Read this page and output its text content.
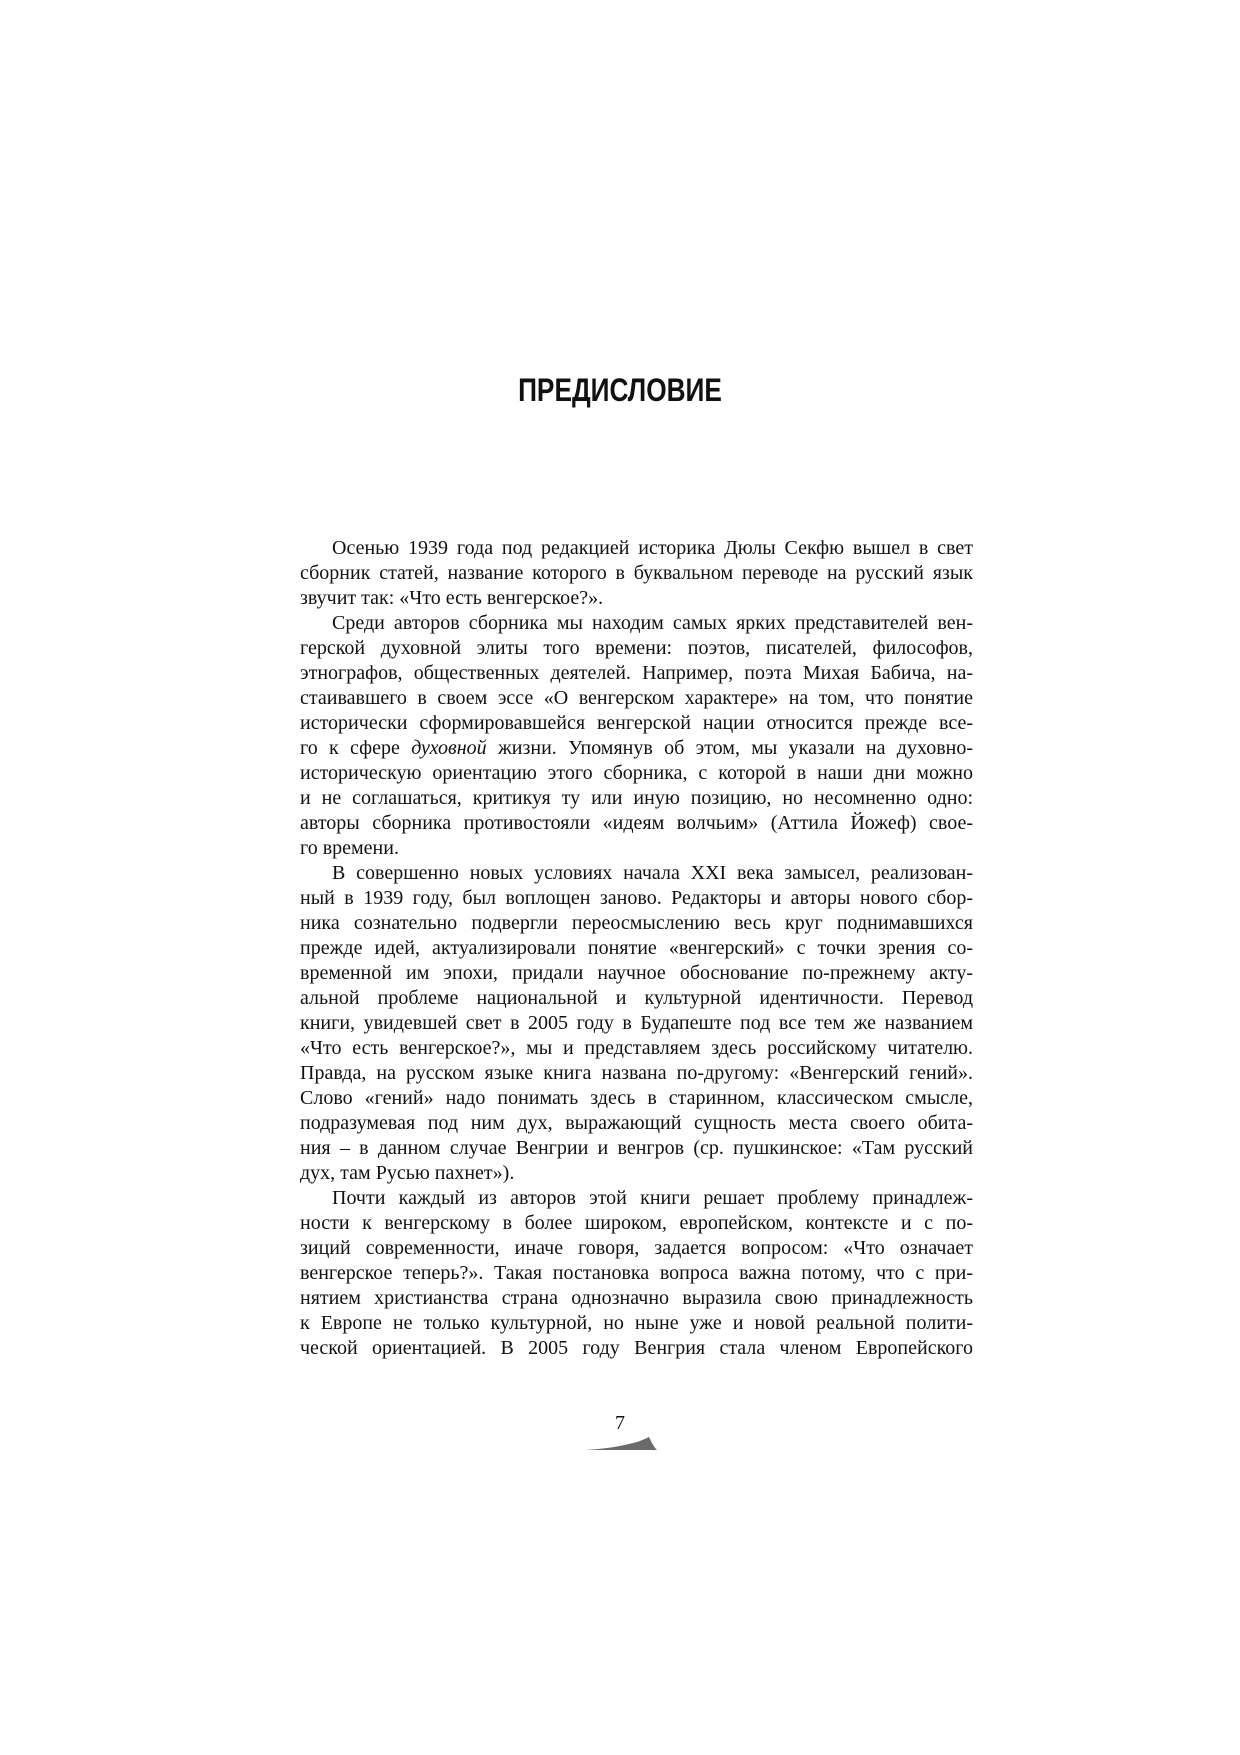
ПРЕДИСЛОВИЕ
Осенью 1939 года под редакцией историка Дюлы Секфю вышел в свет
сборник статей, название которого в буквальном переводе на русский язык
звучит так: «Что есть венгерское?».
Среди авторов сборника мы находим самых ярких представителей вен-
герской духовной элиты того времени: поэтов, писателей, философов,
этнографов, общественных деятелей. Например, поэта Михая Бабича, на-
стаивавшего в своем эссе «О венгерском характере» на том, что понятие
исторически сформировавшейся венгерской нации относится прежде все-
го к сфере духовной жизни. Упомянув об этом, мы указали на духовно-
историческую ориентацию этого сборника, с которой в наши дни можно
и не соглашаться, критикуя ту или иную позицию, но несомненно одно:
авторы сборника противостояли «идеям волчьим» (Аттила Йожеф) свое-
го времени.
В совершенно новых условиях начала XXI века замысел, реализован-
ный в 1939 году, был воплощен заново. Редакторы и авторы нового сбор-
ника сознательно подвергли переосмыслению весь круг поднимавшихся
прежде идей, актуализировали понятие «венгерский» с точки зрения со-
временной им эпохи, придали научное обоснование по-прежнему акту-
альной проблеме национальной и культурной идентичности. Перевод
книги, увидевшей свет в 2005 году в Будапеште под все тем же названием
«Что есть венгерское?», мы и представляем здесь российскому читателю.
Правда, на русском языке книга названа по-другому: «Венгерский гений».
Слово «гений» надо понимать здесь в старинном, классическом смысле,
подразумевая под ним дух, выражающий сущность места своего обита-
ния – в данном случае Венгрии и венгров (ср. пушкинское: «Там русский
дух, там Русью пахнет»).
Почти каждый из авторов этой книги решает проблему принадлеж-
ности к венгерскому в более широком, европейском, контексте и с по-
зиций современности, иначе говоря, задается вопросом: «Что означает
венгерское теперь?». Такая постановка вопроса важна потому, что с при-
нятием христианства страна однозначно выразила свою принадлежность
к Европе не только культурной, но ныне уже и новой реальной полити-
ческой ориентацией. В 2005 году Венгрия стала членом Европейского
7
